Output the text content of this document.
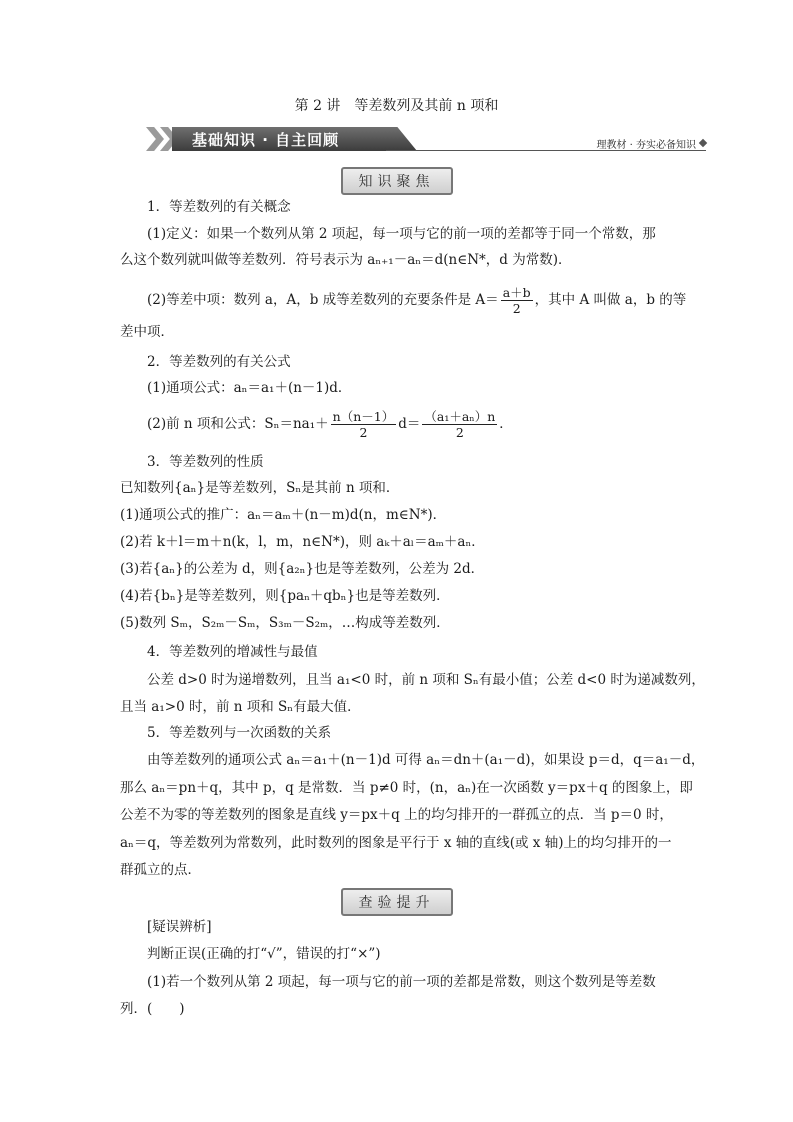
第 2 讲　等差数列及其前 n 项和
基础知识 · 自主回顾	理教材 · 夯实必备知识
知识聚焦
1．等差数列的有关概念
(1)定义：如果一个数列从第 2 项起，每一项与它的前一项的差都等于同一个常数，那
么这个数列就叫做等差数列．符号表示为 aₙ₊₁－aₙ＝d(n∈N*，d 为常数)．
(2)等差中项：数列 a，A，b 成等差数列的充要条件是 $A= \frac{a+b}{2}$ ，其中 A 叫做 a，b 的等
差中项．
2．等差数列的有关公式
(1)通项公式：aₙ＝a₁＋(n－1)d．
(2)前 n 项和公式：$S_n=na_1+ \frac{n(n-1)}{2} d= \frac{\text{（a₁＋aₙ）n}}{2}$ ．
3．等差数列的性质
已知数列{aₙ}是等差数列，Sₙ是其前 n 项和．
(1)通项公式的推广：aₙ＝aₘ＋(n－m)d(n，m∈N*)．
(2)若 k＋l＝m＋n(k，l，m，n∈N*)，则 aₖ＋aₗ＝aₘ＋aₙ．
(3)若{aₙ}的公差为 d，则{a₂ₙ}也是等差数列，公差为 2d．
(4)若{bₙ}是等差数列，则{paₙ＋qbₙ}也是等差数列．
(5)数列 Sₘ，S₂ₘ－Sₘ，S₃ₘ－S₂ₘ，…构成等差数列．
4．等差数列的增减性与最值
公差 d>0 时为递增数列，且当 a₁<0 时，前 n 项和 Sₙ有最小值；公差 d<0 时为递减数列，
且当 a₁>0 时，前 n 项和 Sₙ有最大值．
5．等差数列与一次函数的关系
由等差数列的通项公式 aₙ＝a₁＋(n－1)d 可得 aₙ＝dn＋(a₁－d)，如果设 p＝d，q＝a₁－d，
那么 aₙ＝pn＋q，其中 p，q 是常数．当 p≠0 时，(n，aₙ)在一次函数 y＝px＋q 的图象上，即
公差不为零的等差数列的图象是直线 y＝px＋q 上的均匀排开的一群孤立的点．当 p＝0 时，
aₙ＝q，等差数列为常数列，此时数列的图象是平行于 x 轴的直线(或 x 轴)上的均匀排开的一
群孤立的点．
查验提升
[疑误辨析]
判断正误(正确的打“√”，错误的打“×”)
(1)若一个数列从第 2 项起，每一项与它的前一项的差都是常数，则这个数列是等差数
列．(　　)
